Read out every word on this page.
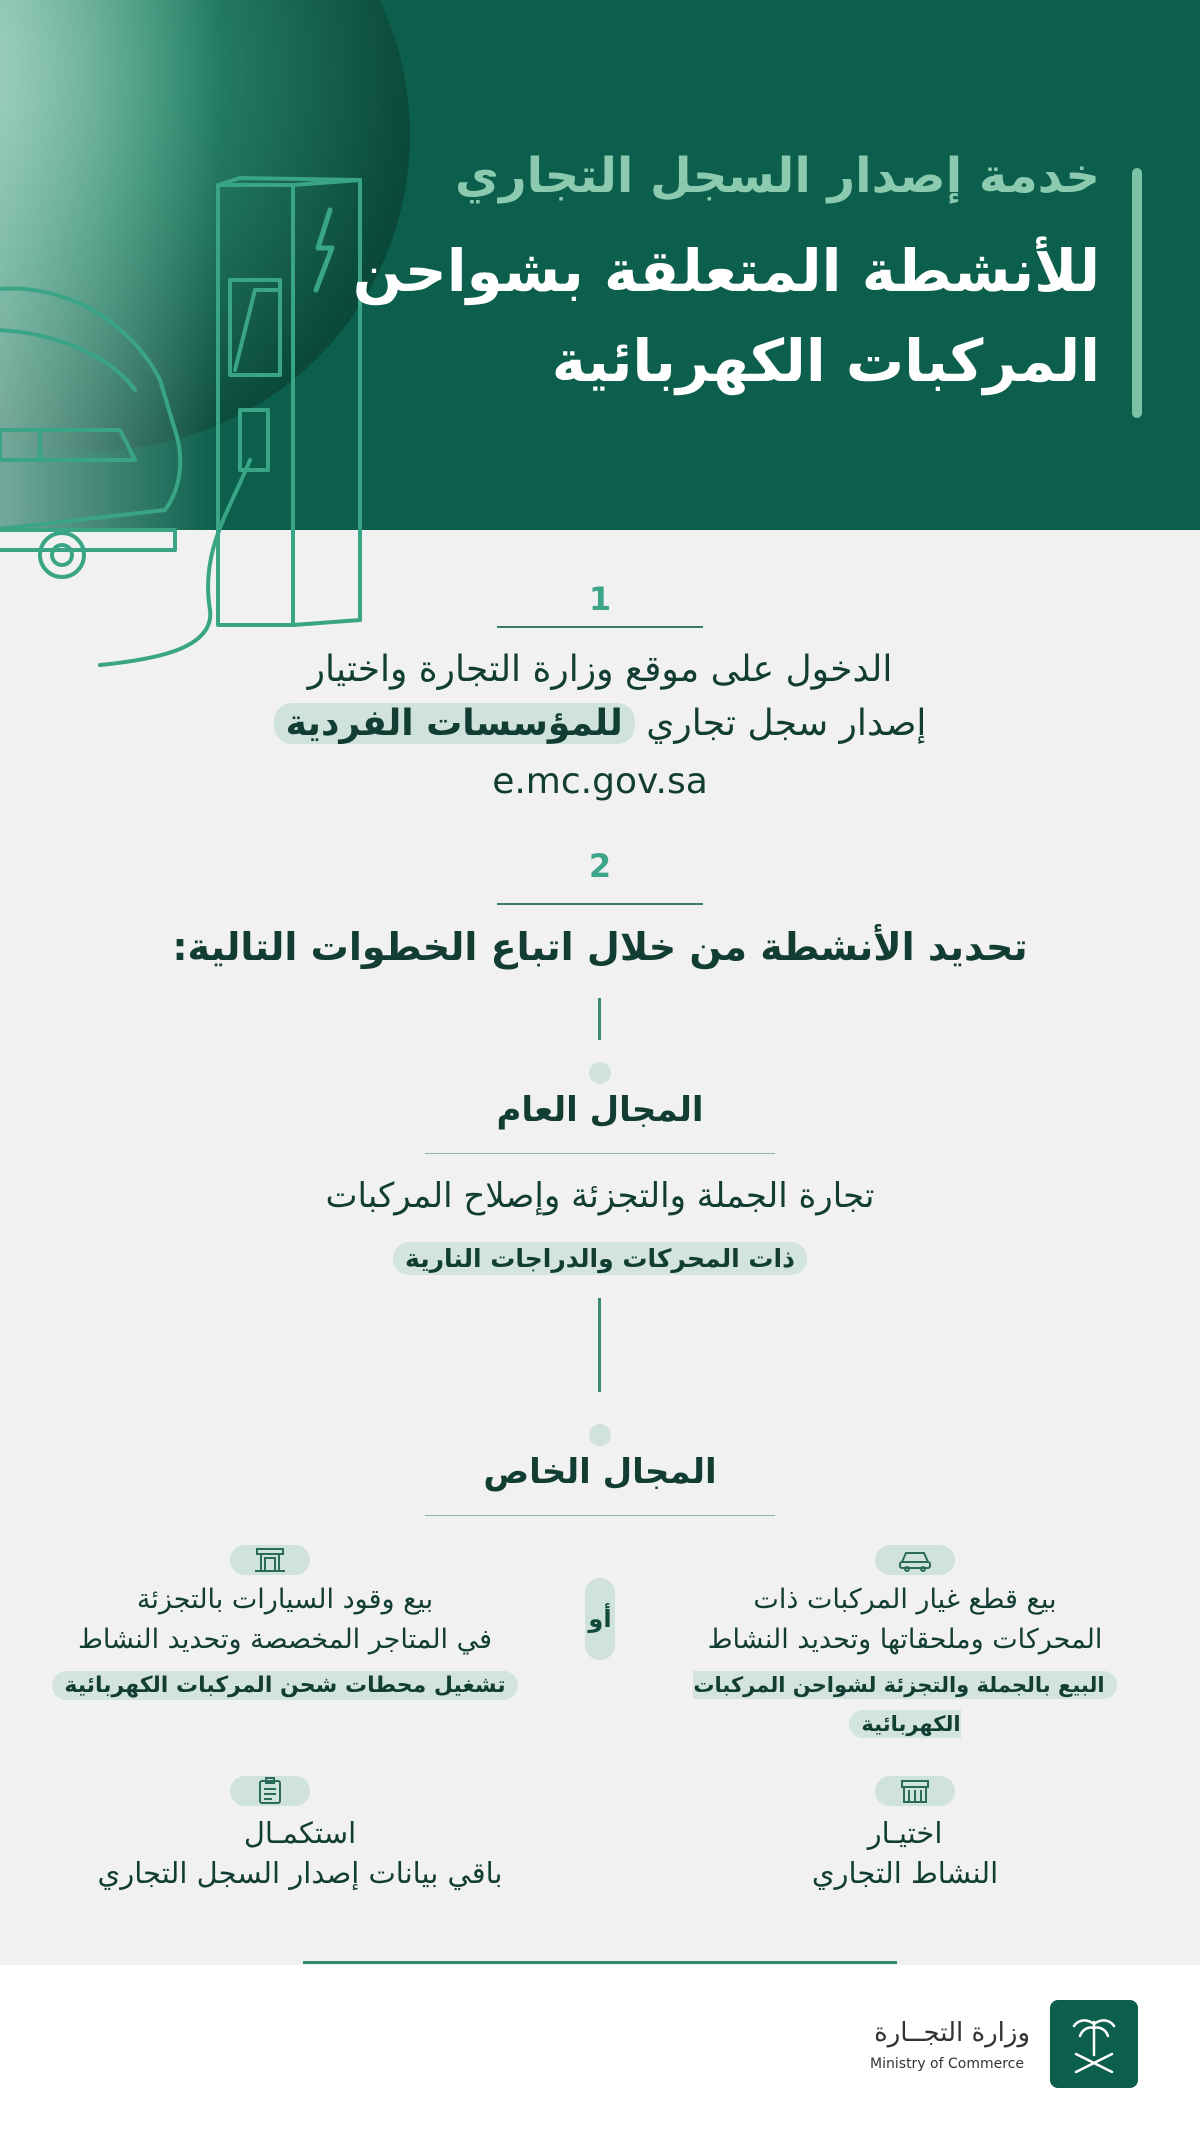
خدمة إصدار السجل التجاري
للأنشطة المتعلقة بشواحن
المركبات الكهربائية
1
الدخول على موقع وزارة التجارة واختيار
إصدار سجل تجاري للمؤسسات الفردية
e.mc.gov.sa
2
تحديد الأنشطة من خلال اتباع الخطوات التالية:
المجال العام
تجارة الجملة والتجزئة وإصلاح المركبات
ذات المحركات والدراجات النارية
المجال الخاص
بيع قطع غيار المركبات ذات
المحركات وملحقاتها وتحديد النشاط
البيع بالجملة والتجزئة لشواحن المركبات الكهربائية
أو
بيع وقود السيارات بالتجزئة
في المتاجر المخصصة وتحديد النشاط
تشغيل محطات شحن المركبات الكهربائية
اختيـار
النشاط التجاري
استكمـال
باقي بيانات إصدار السجل التجاري
وزارة التجــارة
Ministry of Commerce
